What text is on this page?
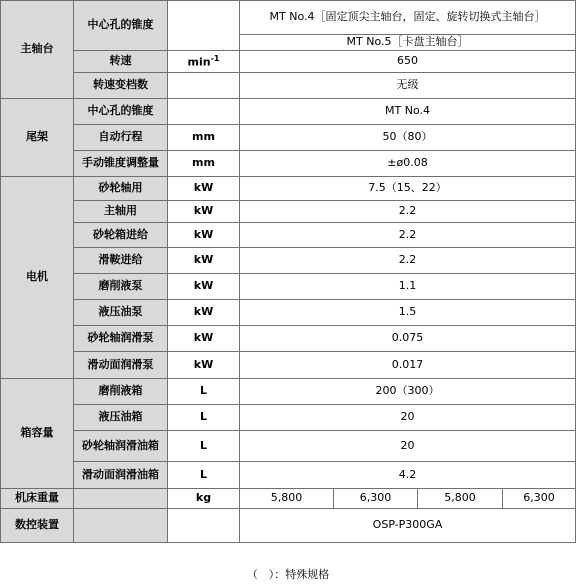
主轴台	中心孔的锥度		MT No.4［固定顶尖主轴台，固定、旋转切换式主轴台］			
			MT No.5［卡盘主轴台］			
	转速	$\min^{-1}$	650			
	转速变档数		无级			
尾架	中心孔的锥度		MT No.4			
	自动行程	mm	50（80）			
	手动锥度调整量	mm	±ø0.08			
电机	砂轮轴用	kW	7.5（15、22）			
	主轴用	kW	2.2			
	砂轮箱进给	kW	2.2			
	滑鞍进给	kW	2.2			
	磨削液泵	kW	1.1			
	液压油泵	kW	1.5			
	砂轮轴润滑泵	kW	0.075			
	滑动面润滑泵	kW	0.017			
箱容量	磨削液箱	L	200（300）			
	液压油箱	L	20			
	砂轮轴润滑油箱	L	20			
	滑动面润滑油箱	L	4.2			
机床重量		kg	5,800	6,300	5,800	6,300
数控装置			OSP-P300GA			
（　）：特殊规格
